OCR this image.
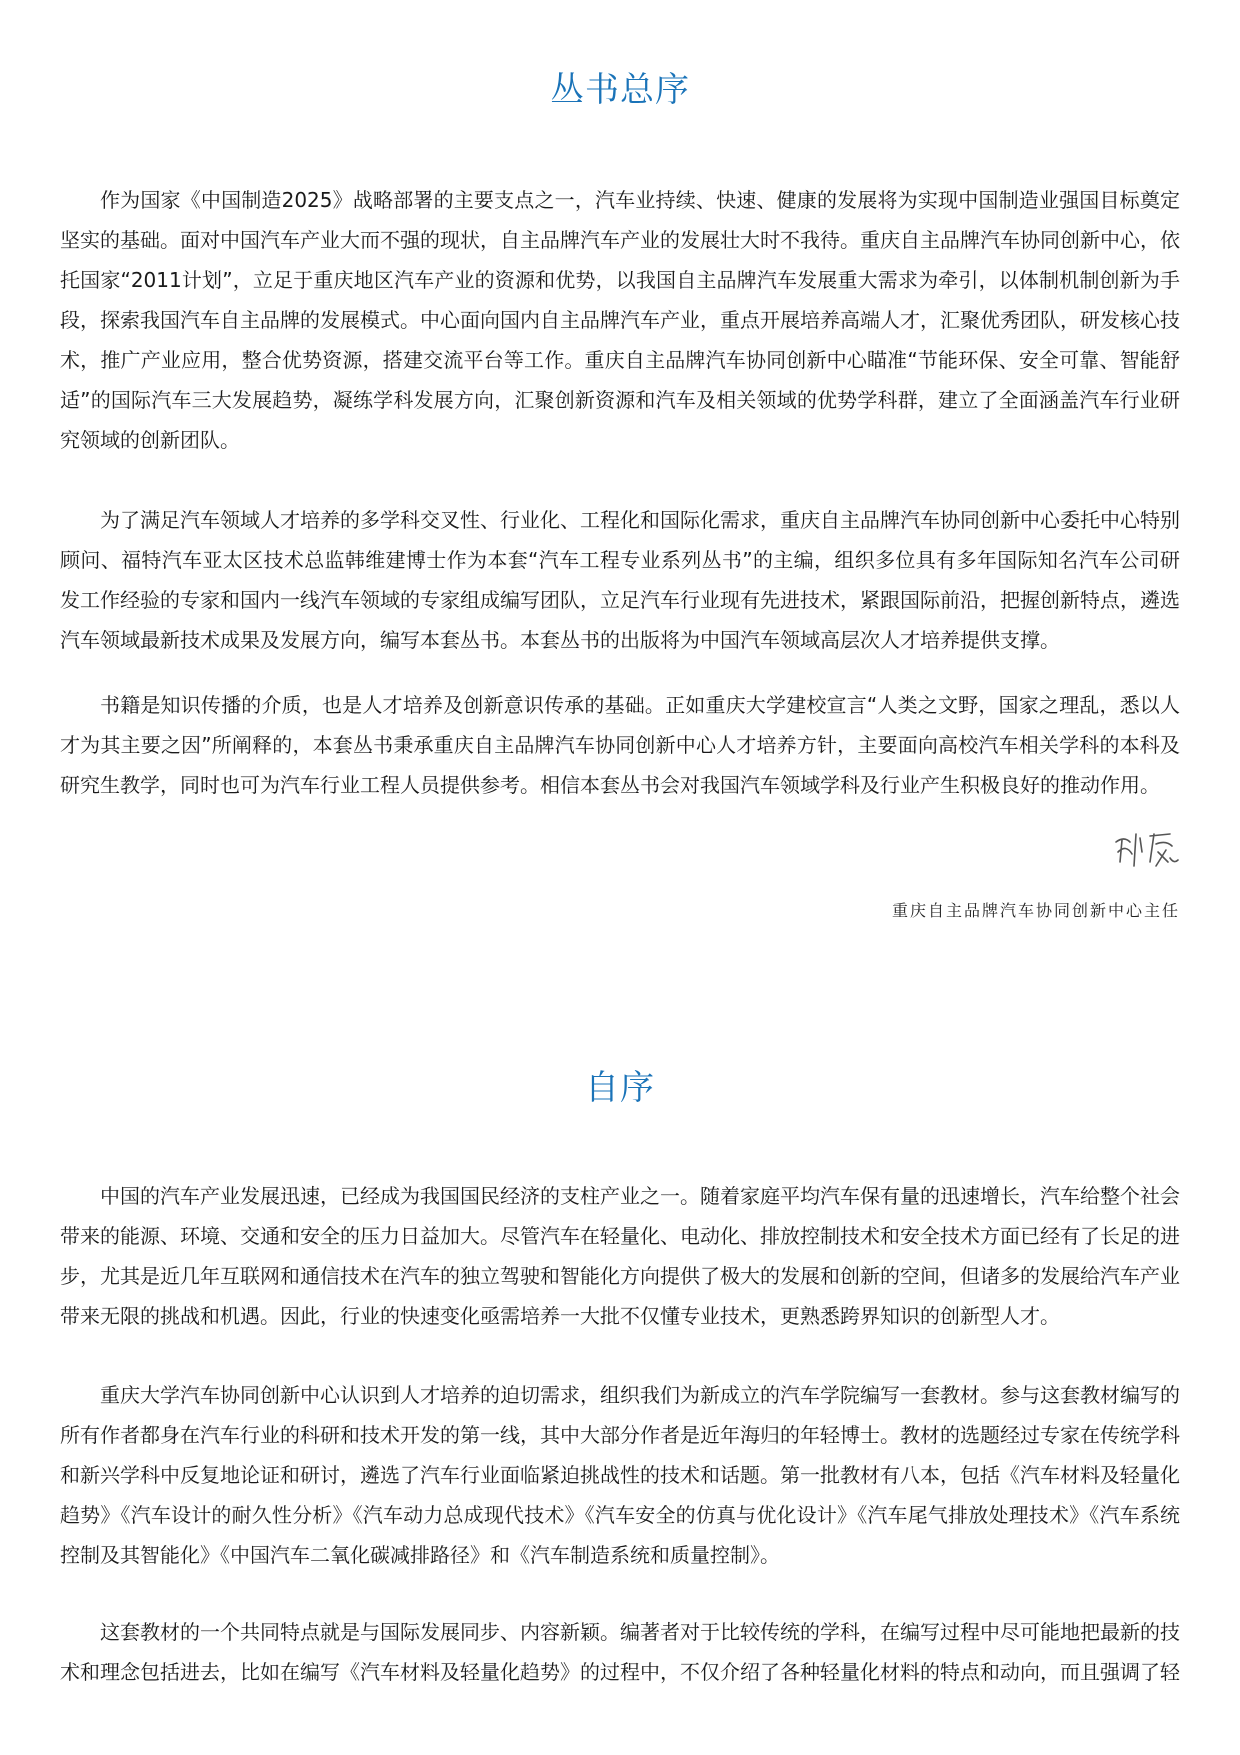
丛书总序

作为国家《中国制造2025》战略部署的主要支点之一，汽车业持续、快速、健康的发展将为实现中国制造业强国目标奠定坚实的基础。面对中国汽车产业大而不强的现状，自主品牌汽车产业的发展壮大时不我待。重庆自主品牌汽车协同创新中心，依托国家“2011计划”，立足于重庆地区汽车产业的资源和优势，以我国自主品牌汽车发展重大需求为牵引，以体制机制创新为手段，探索我国汽车自主品牌的发展模式。中心面向国内自主品牌汽车产业，重点开展培养高端人才，汇聚优秀团队，研发核心技术，推广产业应用，整合优势资源，搭建交流平台等工作。重庆自主品牌汽车协同创新中心瞄准“节能环保、安全可靠、智能舒适”的国际汽车三大发展趋势，凝练学科发展方向，汇聚创新资源和汽车及相关领域的优势学科群，建立了全面涵盖汽车行业研究领域的创新团队。

为了满足汽车领域人才培养的多学科交叉性、行业化、工程化和国际化需求，重庆自主品牌汽车协同创新中心委托中心特别顾问、福特汽车亚太区技术总监韩维建博士作为本套“汽车工程专业系列丛书”的主编，组织多位具有多年国际知名汽车公司研发工作经验的专家和国内一线汽车领域的专家组成编写团队，立足汽车行业现有先进技术，紧跟国际前沿，把握创新特点，遴选汽车领域最新技术成果及发展方向，编写本套丛书。本套丛书的出版将为中国汽车领域高层次人才培养提供支撑。

书籍是知识传播的介质，也是人才培养及创新意识传承的基础。正如重庆大学建校宣言“人类之文野，国家之理乱，悉以人才为其主要之因”所阐释的，本套丛书秉承重庆自主品牌汽车协同创新中心人才培养方针，主要面向高校汽车相关学科的本科及研究生教学，同时也可为汽车行业工程人员提供参考。相信本套丛书会对我国汽车领域学科及行业产生积极良好的推动作用。

重庆自主品牌汽车协同创新中心主任
自序

中国的汽车产业发展迅速，已经成为我国国民经济的支柱产业之一。随着家庭平均汽车保有量的迅速增长，汽车给整个社会带来的能源、环境、交通和安全的压力日益加大。尽管汽车在轻量化、电动化、排放控制技术和安全技术方面已经有了长足的进步，尤其是近几年互联网和通信技术在汽车的独立驾驶和智能化方向提供了极大的发展和创新的空间，但诸多的发展给汽车产业带来无限的挑战和机遇。因此，行业的快速变化亟需培养一大批不仅懂专业技术，更熟悉跨界知识的创新型人才。

重庆大学汽车协同创新中心认识到人才培养的迫切需求，组织我们为新成立的汽车学院编写一套教材。参与这套教材编写的所有作者都身在汽车行业的科研和技术开发的第一线，其中大部分作者是近年海归的年轻博士。教材的选题经过专家在传统学科和新兴学科中反复地论证和研讨，遴选了汽车行业面临紧迫挑战性的技术和话题。第一批教材有八本，包括《汽车材料及轻量化趋势》《汽车设计的耐久性分析》《汽车动力总成现代技术》《汽车安全的仿真与优化设计》《汽车尾气排放处理技术》《汽车系统控制及其智能化》《中国汽车二氧化碳减排路径》和《汽车制造系统和质量控制》。

这套教材的一个共同特点就是与国际发展同步、内容新颖。编著者对于比较传统的学科，在编写过程中尽可能地把最新的技术和理念包括进去，比如在编写《汽车材料及轻量化趋势》的过程中，不仅介绍了各种轻量化材料的特点和动向，而且强调了轻
